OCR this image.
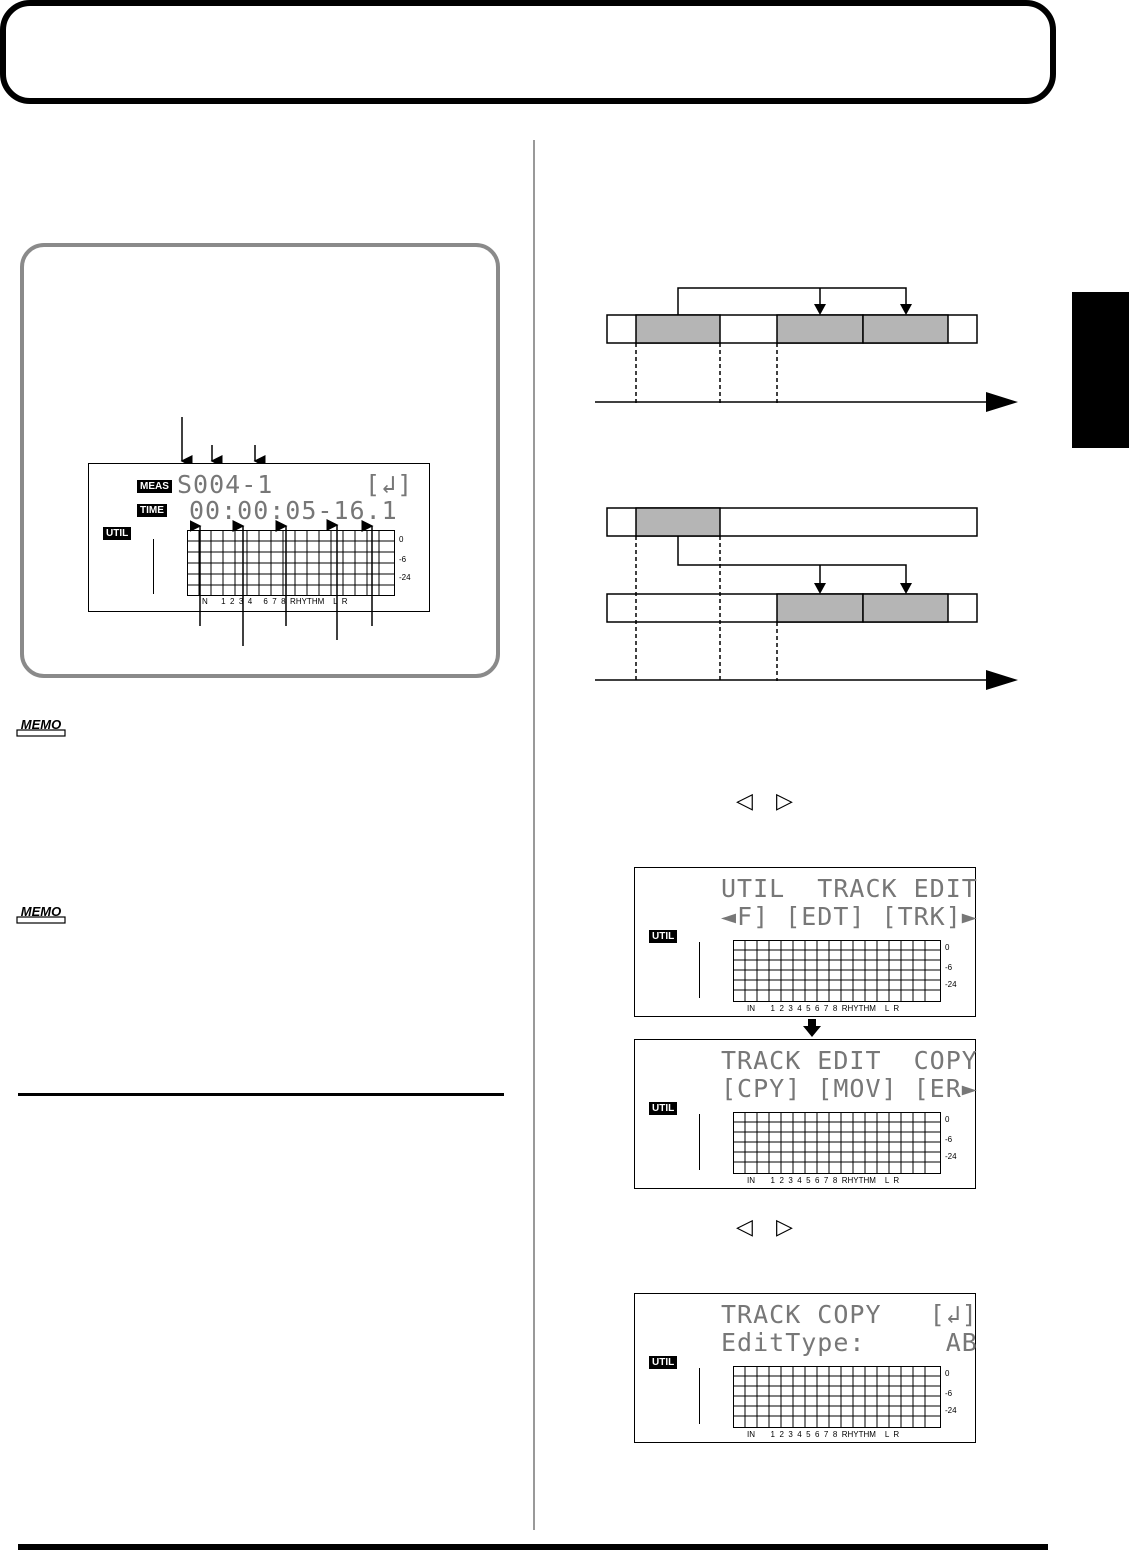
MEAS
TIME
UTIL
S004-1	[↲]
00:00:05-16.1
0
-6
-24
N      1  2  3  4     6  7  8  RHYTHM    L  R
MEMO
MEMO
◁ ▷
◁ ▷
UTIL  TRACK EDIT
◄F] [EDT] [TRK]►
UTIL
0
-6
-24
IN       1  2  3  4  5  6  7  8  RHYTHM    L  R
TRACK EDIT  COPY
[CPY] [MOV] [ER►
UTIL
0
-6
-24
IN       1  2  3  4  5  6  7  8  RHYTHM    L  R
TRACK COPY   [↲]
EditType:     AB
UTIL
0
-6
-24
IN       1  2  3  4  5  6  7  8  RHYTHM    L  R
